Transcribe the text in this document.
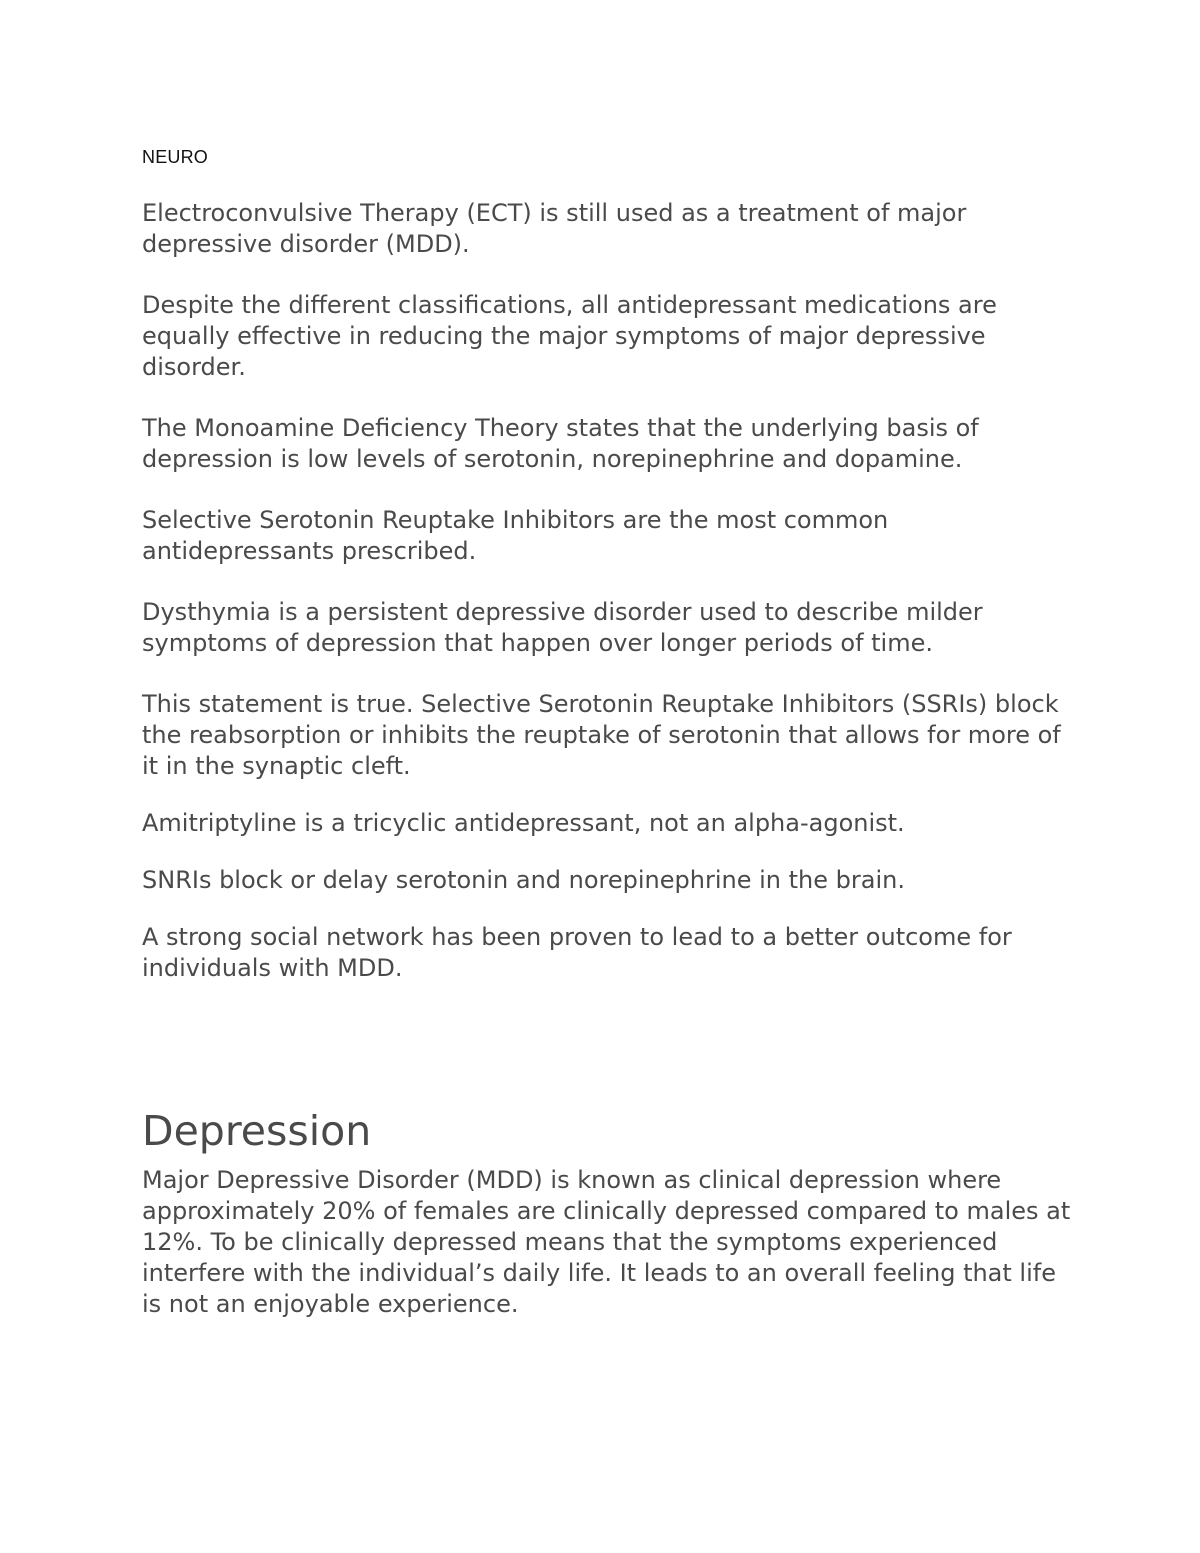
NEURO

Electroconvulsive Therapy (ECT) is still used as a treatment of major depressive disorder (MDD).

Despite the different classifications, all antidepressant medications are equally effective in reducing the major symptoms of major depressive disorder.

The Monoamine Deficiency Theory states that the underlying basis of depression is low levels of serotonin, norepinephrine and dopamine.

Selective Serotonin Reuptake Inhibitors are the most common antidepressants prescribed.

Dysthymia is a persistent depressive disorder used to describe milder symptoms of depression that happen over longer periods of time.

This statement is true. Selective Serotonin Reuptake Inhibitors (SSRIs) block the reabsorption or inhibits the reuptake of serotonin that allows for more of it in the synaptic cleft.

Amitriptyline is a tricyclic antidepressant, not an alpha-agonist.

SNRIs block or delay serotonin and norepinephrine in the brain.

A strong social network has been proven to lead to a better outcome for individuals with MDD.

Depression

Major Depressive Disorder (MDD) is known as clinical depression where approximately 20% of females are clinically depressed compared to males at 12%. To be clinically depressed means that the symptoms experienced interfere with the individual’s daily life. It leads to an overall feeling that life is not an enjoyable experience.
